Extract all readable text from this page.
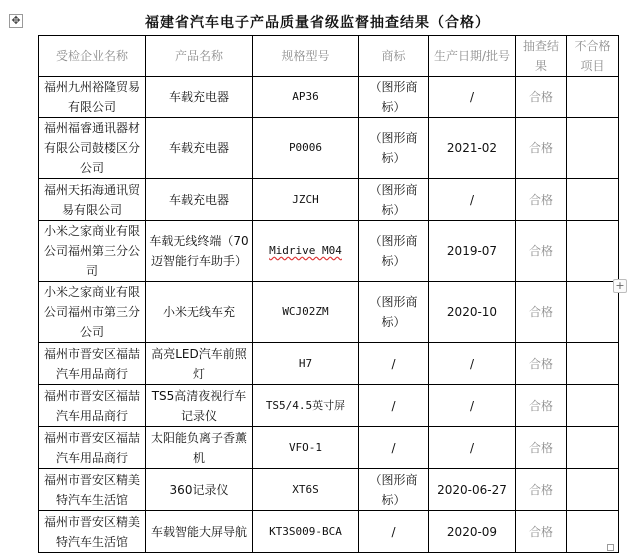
✥	福建省汽车电子产品质量省级监督抽查结果（合格）
受检企业名称	产品名称	规格型号	商标	生产日期/批号	抽查结果	不合格项目
福州九州裕隆贸易有限公司	车载充电器	AP36	（图形商标）	/	合格	
福州福睿通讯器材有限公司鼓楼区分公司	车载充电器	P0006	（图形商标）	2021-02	合格	
福州天拓海通讯贸易有限公司	车载充电器	JZCH	（图形商标）	/	合格	
小米之家商业有限公司福州第三分公司	车载无线终端（70迈智能行车助手）	Midrive M04	（图形商标）	2019-07	合格	
小米之家商业有限公司福州市第三分公司	小米无线车充	WCJ02ZM	（图形商标）	2020-10	合格	
福州市晋安区福喆汽车用品商行	高亮LED汽车前照灯	H7	/	/	合格	
福州市晋安区福喆汽车用品商行	TS5高清夜视行车记录仪	TS5/4.5英寸屏	/	/	合格	
福州市晋安区福喆汽车用品商行	太阳能负离子香薰机	VFO-1	/	/	合格	
福州市晋安区精美特汽车生活馆	360记录仪	XT6S	（图形商标）	2020-06-27	合格	
福州市晋安区精美特汽车生活馆	车载智能大屏导航	KT3S009-BCA	/	2020-09	合格	
+
